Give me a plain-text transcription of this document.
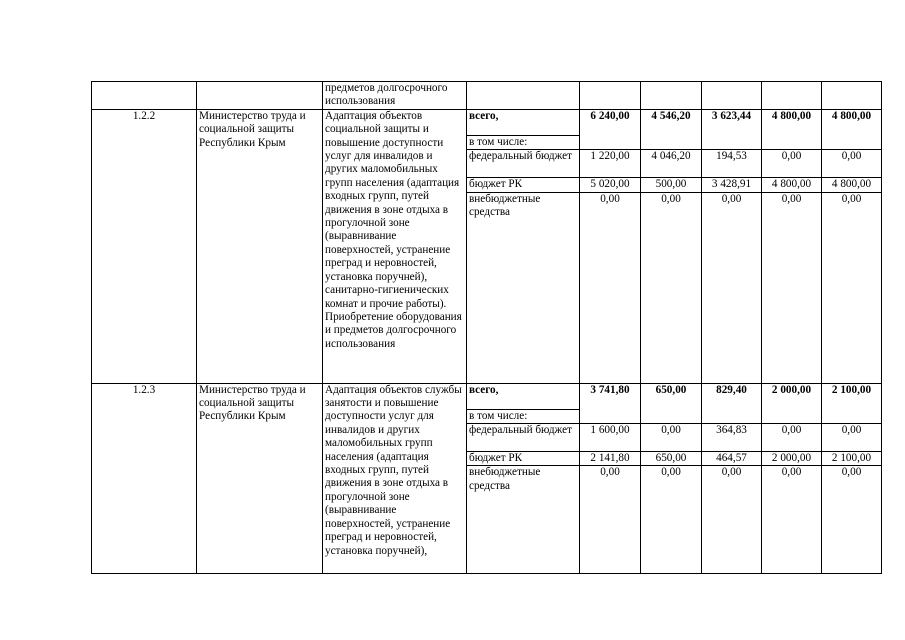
		предметов долгосрочного использования						
1.2.2	Министерство труда и социальной защиты Республики Крым	Адаптация объектов социальной защиты и повышение доступности услуг для инвалидов и других маломобильных групп населения (адаптация входных групп, путей движения в зоне отдыха в прогулочной зоне (выравнивание поверхностей, устранение преград и неровностей, установка поручней), санитарно-гигиенических комнат и прочие работы). Приобретение оборудования и предметов долгосрочного использования	всего,	6 240,00	4 546,20	3 623,44	4 800,00	4 800,00
			в том числе:					
			федеральный бюджет	1 220,00	4 046,20	194,53	0,00	0,00
			бюджет РК	5 020,00	500,00	3 428,91	4 800,00	4 800,00
			внебюджетные средства	0,00	0,00	0,00	0,00	0,00
1.2.3	Министерство труда и социальной защиты Республики Крым	Адаптация объектов службы занятости и повышение доступности услуг для инвалидов и других маломобильных групп населения (адаптация входных групп, путей движения в зоне отдыха в прогулочной зоне (выравнивание поверхностей, устранение преград и неровностей, установка поручней),	всего,	3 741,80	650,00	829,40	2 000,00	2 100,00
			в том числе:					
			федеральный бюджет	1 600,00	0,00	364,83	0,00	0,00
			бюджет РК	2 141,80	650,00	464,57	2 000,00	2 100,00
			внебюджетные средства	0,00	0,00	0,00	0,00	0,00
